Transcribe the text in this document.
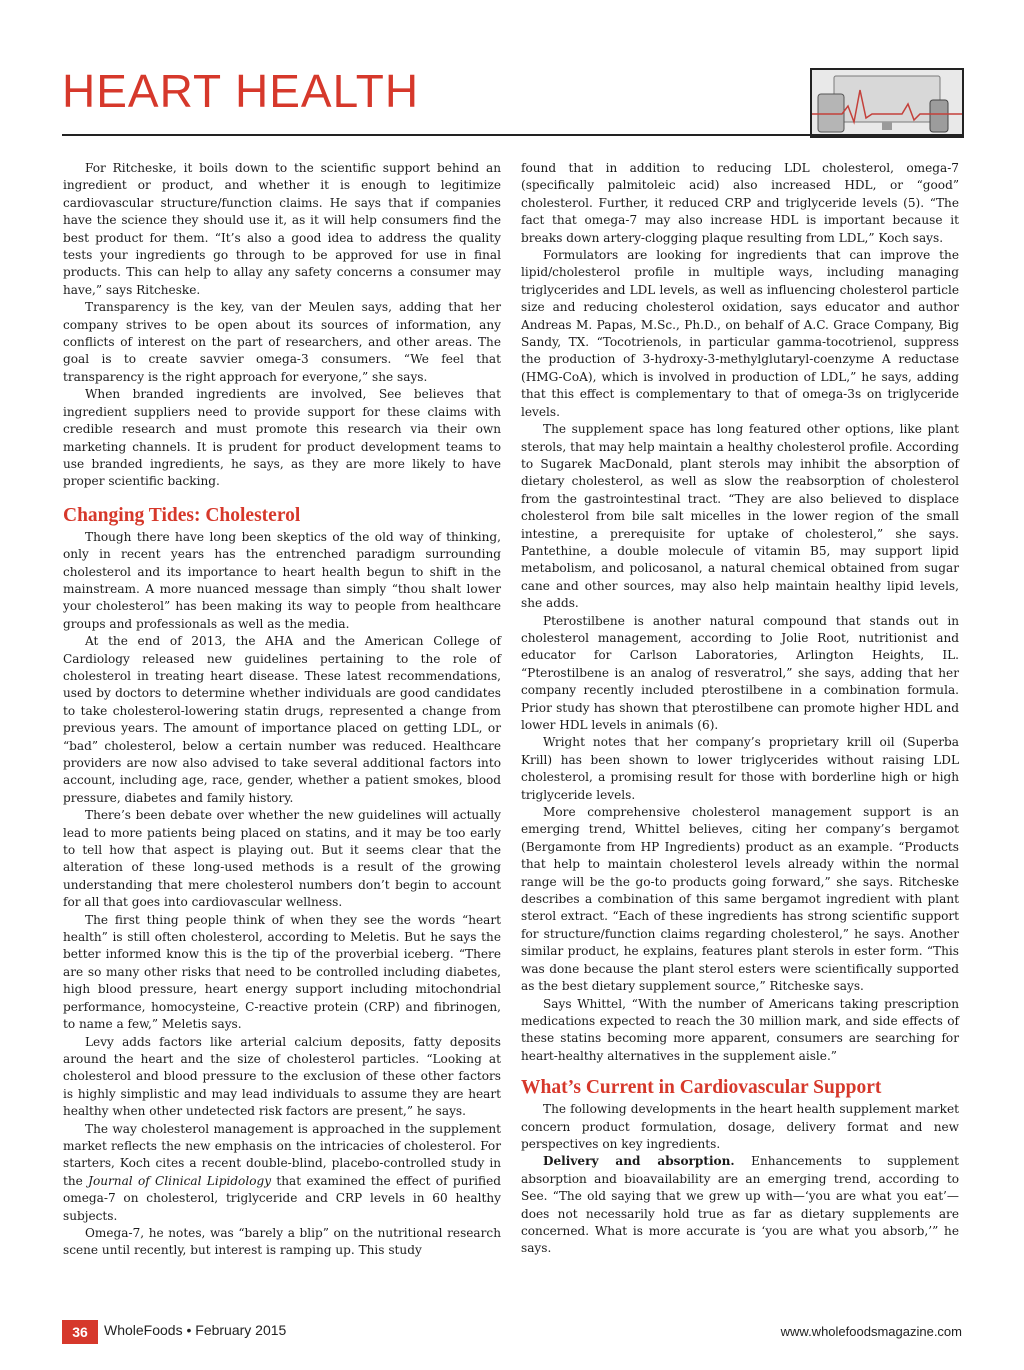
HEART HEALTH

For Ritcheske, it boils down to the scientific support behind an ingredient or product, and whether it is enough to legitimize cardiovascular structure/function claims. He says that if companies have the science they should use it, as it will help consumers find the best product for them. “It’s also a good idea to address the quality tests your ingredients go through to be approved for use in final products. This can help to allay any safety concerns a consumer may have,” says Ritcheske.

Transparency is the key, van der Meulen says, adding that her company strives to be open about its sources of information, any conflicts of interest on the part of researchers, and other areas. The goal is to create savvier omega-3 consumers. “We feel that transparency is the right approach for everyone,” she says.

When branded ingredients are involved, See believes that ingredient suppliers need to provide support for these claims with credible research and must promote this research via their own marketing channels. It is prudent for product development teams to use branded ingredients, he says, as they are more likely to have proper scientific backing.

Changing Tides: Cholesterol

Though there have long been skeptics of the old way of thinking, only in recent years has the entrenched paradigm surrounding cholesterol and its importance to heart health begun to shift in the mainstream. A more nuanced message than simply “thou shalt lower your cholesterol” has been making its way to people from healthcare groups and professionals as well as the media.

At the end of 2013, the AHA and the American College of Cardiology released new guidelines pertaining to the role of cholesterol in treating heart disease. These latest recommendations, used by doctors to determine whether individuals are good candidates to take cholesterol-lowering statin drugs, represented a change from previous years. The amount of importance placed on getting LDL, or “bad” cholesterol, below a certain number was reduced. Healthcare providers are now also advised to take several additional factors into account, including age, race, gender, whether a patient smokes, blood pressure, diabetes and family history.

There’s been debate over whether the new guidelines will actually lead to more patients being placed on statins, and it may be too early to tell how that aspect is playing out. But it seems clear that the alteration of these long-used methods is a result of the growing understanding that mere cholesterol numbers don’t begin to account for all that goes into cardiovascular wellness.

The first thing people think of when they see the words “heart health” is still often cholesterol, according to Meletis. But he says the better informed know this is the tip of the proverbial iceberg. “There are so many other risks that need to be controlled including diabetes, high blood pressure, heart energy support including mitochondrial performance, homocysteine, C-reactive protein (CRP) and fibrinogen, to name a few,” Meletis says.

Levy adds factors like arterial calcium deposits, fatty deposits around the heart and the size of cholesterol particles. “Looking at cholesterol and blood pressure to the exclusion of these other factors is highly simplistic and may lead individuals to assume they are heart healthy when other undetected risk factors are present,” he says.

The way cholesterol management is approached in the supplement market reflects the new emphasis on the intricacies of cholesterol. For starters, Koch cites a recent double-blind, placebo-controlled study in the Journal of Clinical Lipidology that examined the effect of purified omega-7 on cholesterol, triglyceride and CRP levels in 60 healthy subjects.

Omega-7, he notes, was “barely a blip” on the nutritional research scene until recently, but interest is ramping up. This study

found that in addition to reducing LDL cholesterol, omega-7 (specifically palmitoleic acid) also increased HDL, or “good” cholesterol. Further, it reduced CRP and triglyceride levels (5). “The fact that omega-7 may also increase HDL is important because it breaks down artery-clogging plaque resulting from LDL,” Koch says.

Formulators are looking for ingredients that can improve the lipid/cholesterol profile in multiple ways, including managing triglycerides and LDL levels, as well as influencing cholesterol particle size and reducing cholesterol oxidation, says educator and author Andreas M. Papas, M.Sc., Ph.D., on behalf of A.C. Grace Company, Big Sandy, TX. “Tocotrienols, in particular gamma-tocotrienol, suppress the production of 3-hydroxy-3-methylglutaryl-coenzyme A reductase (HMG-CoA), which is involved in production of LDL,” he says, adding that this effect is complementary to that of omega-3s on triglyceride levels.

The supplement space has long featured other options, like plant sterols, that may help maintain a healthy cholesterol profile. According to Sugarek MacDonald, plant sterols may inhibit the absorption of dietary cholesterol, as well as slow the reabsorption of cholesterol from the gastrointestinal tract. “They are also believed to displace cholesterol from bile salt micelles in the lower region of the small intestine, a prerequisite for uptake of cholesterol,” she says. Pantethine, a double molecule of vitamin B5, may support lipid metabolism, and policosanol, a natural chemical obtained from sugar cane and other sources, may also help maintain healthy lipid levels, she adds.

Pterostilbene is another natural compound that stands out in cholesterol management, according to Jolie Root, nutritionist and educator for Carlson Laboratories, Arlington Heights, IL. “Pterostilbene is an analog of resveratrol,” she says, adding that her company recently included pterostilbene in a combination formula. Prior study has shown that pterostilbene can promote higher HDL and lower HDL levels in animals (6).

Wright notes that her company’s proprietary krill oil (Superba Krill) has been shown to lower triglycerides without raising LDL cholesterol, a promising result for those with borderline high or high triglyceride levels.

More comprehensive cholesterol management support is an emerging trend, Whittel believes, citing her company’s bergamot (Bergamonte from HP Ingredients) product as an example. “Products that help to maintain cholesterol levels already within the normal range will be the go-to products going forward,” she says. Ritcheske describes a combination of this same bergamot ingredient with plant sterol extract. “Each of these ingredients has strong scientific support for structure/function claims regarding cholesterol,” he says. Another similar product, he explains, features plant sterols in ester form. “This was done because the plant sterol esters were scientifically supported as the best dietary supplement source,” Ritcheske says.

Says Whittel, “With the number of Americans taking prescription medications expected to reach the 30 million mark, and side effects of these statins becoming more apparent, consumers are searching for heart-healthy alternatives in the supplement aisle.”

What’s Current in Cardiovascular Support

The following developments in the heart health supplement market concern product formulation, dosage, delivery format and new perspectives on key ingredients.

Delivery and absorption. Enhancements to supplement absorption and bioavailability are an emerging trend, according to See. “The old saying that we grew up with—‘you are what you eat’—does not necessarily hold true as far as dietary supplements are concerned. What is more accurate is ‘you are what you absorb,’” he says.

36	WholeFoods • February 2015	www.wholefoodsmagazine.com
